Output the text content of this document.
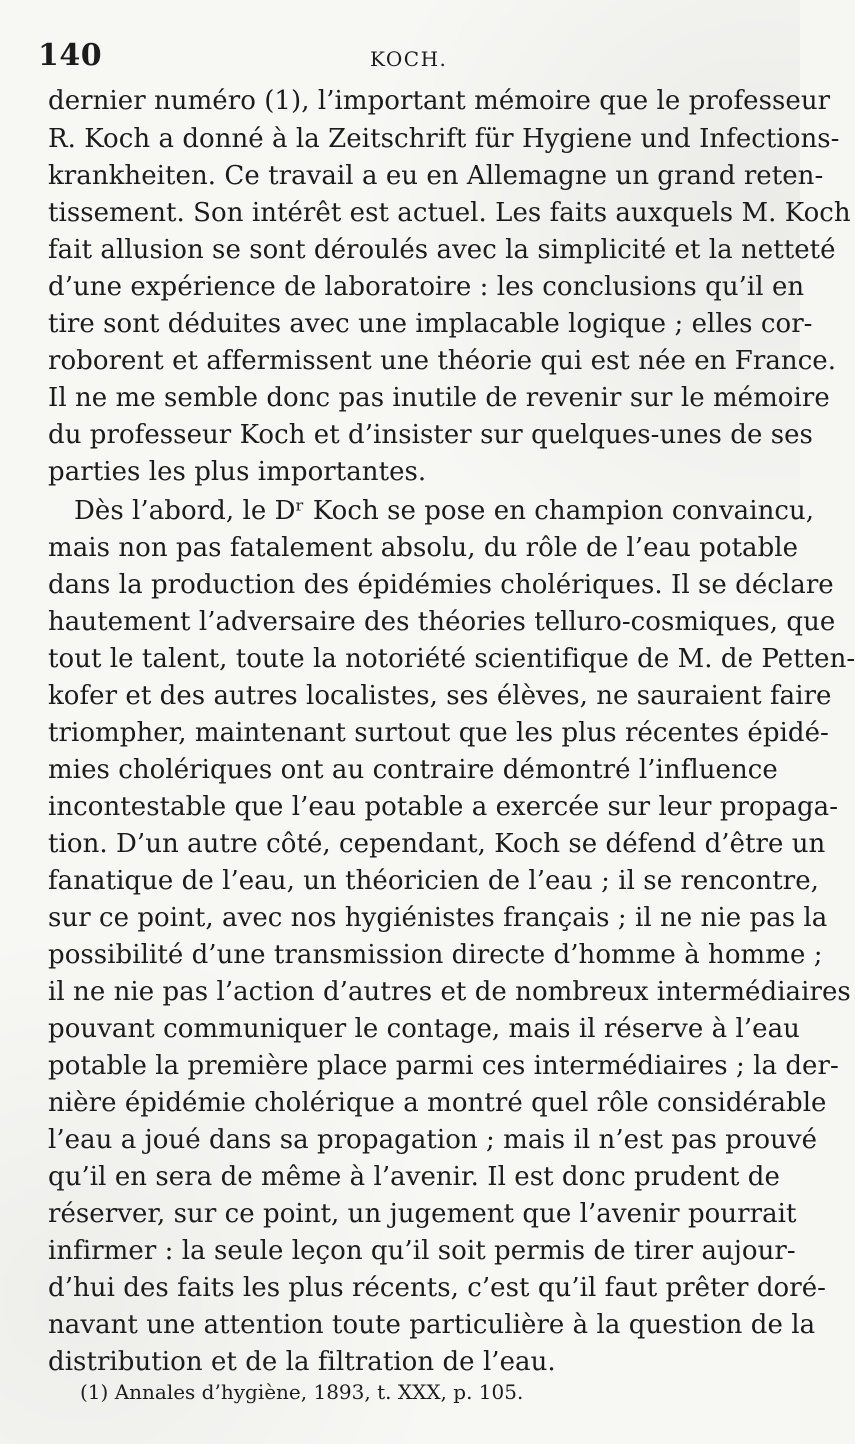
140	KOCH.
dernier numéro (1), l’important mémoire que le professeur
R. Koch a donné à la Zeitschrift für Hygiene und Infections-
krankheiten. Ce travail a eu en Allemagne un grand reten-
tissement. Son intérêt est actuel. Les faits auxquels M. Koch
fait allusion se sont déroulés avec la simplicité et la netteté
d’une expérience de laboratoire : les conclusions qu’il en
tire sont déduites avec une implacable logique ; elles cor-
roborent et affermissent une théorie qui est née en France.
Il ne me semble donc pas inutile de revenir sur le mémoire
du professeur Koch et d’insister sur quelques-unes de ses
parties les plus importantes.
Dès l’abord, le Dʳ Koch se pose en champion convaincu,
mais non pas fatalement absolu, du rôle de l’eau potable
dans la production des épidémies cholériques. Il se déclare
hautement l’adversaire des théories telluro-cosmiques, que
tout le talent, toute la notoriété scientifique de M. de Petten-
kofer et des autres localistes, ses élèves, ne sauraient faire
triompher, maintenant surtout que les plus récentes épidé-
mies cholériques ont au contraire démontré l’influence
incontestable que l’eau potable a exercée sur leur propaga-
tion. D’un autre côté, cependant, Koch se défend d’être un
fanatique de l’eau, un théoricien de l’eau ; il se rencontre,
sur ce point, avec nos hygiénistes français ; il ne nie pas la
possibilité d’une transmission directe d’homme à homme ;
il ne nie pas l’action d’autres et de nombreux intermédiaires
pouvant communiquer le contage, mais il réserve à l’eau
potable la première place parmi ces intermédiaires ; la der-
nière épidémie cholérique a montré quel rôle considérable
l’eau a joué dans sa propagation ; mais il n’est pas prouvé
qu’il en sera de même à l’avenir. Il est donc prudent de
réserver, sur ce point, un jugement que l’avenir pourrait
infirmer : la seule leçon qu’il soit permis de tirer aujour-
d’hui des faits les plus récents, c’est qu’il faut prêter doré-
navant une attention toute particulière à la question de la
distribution et de la filtration de l’eau.
(1) Annales d’hygiène, 1893, t. XXX, p. 105.
